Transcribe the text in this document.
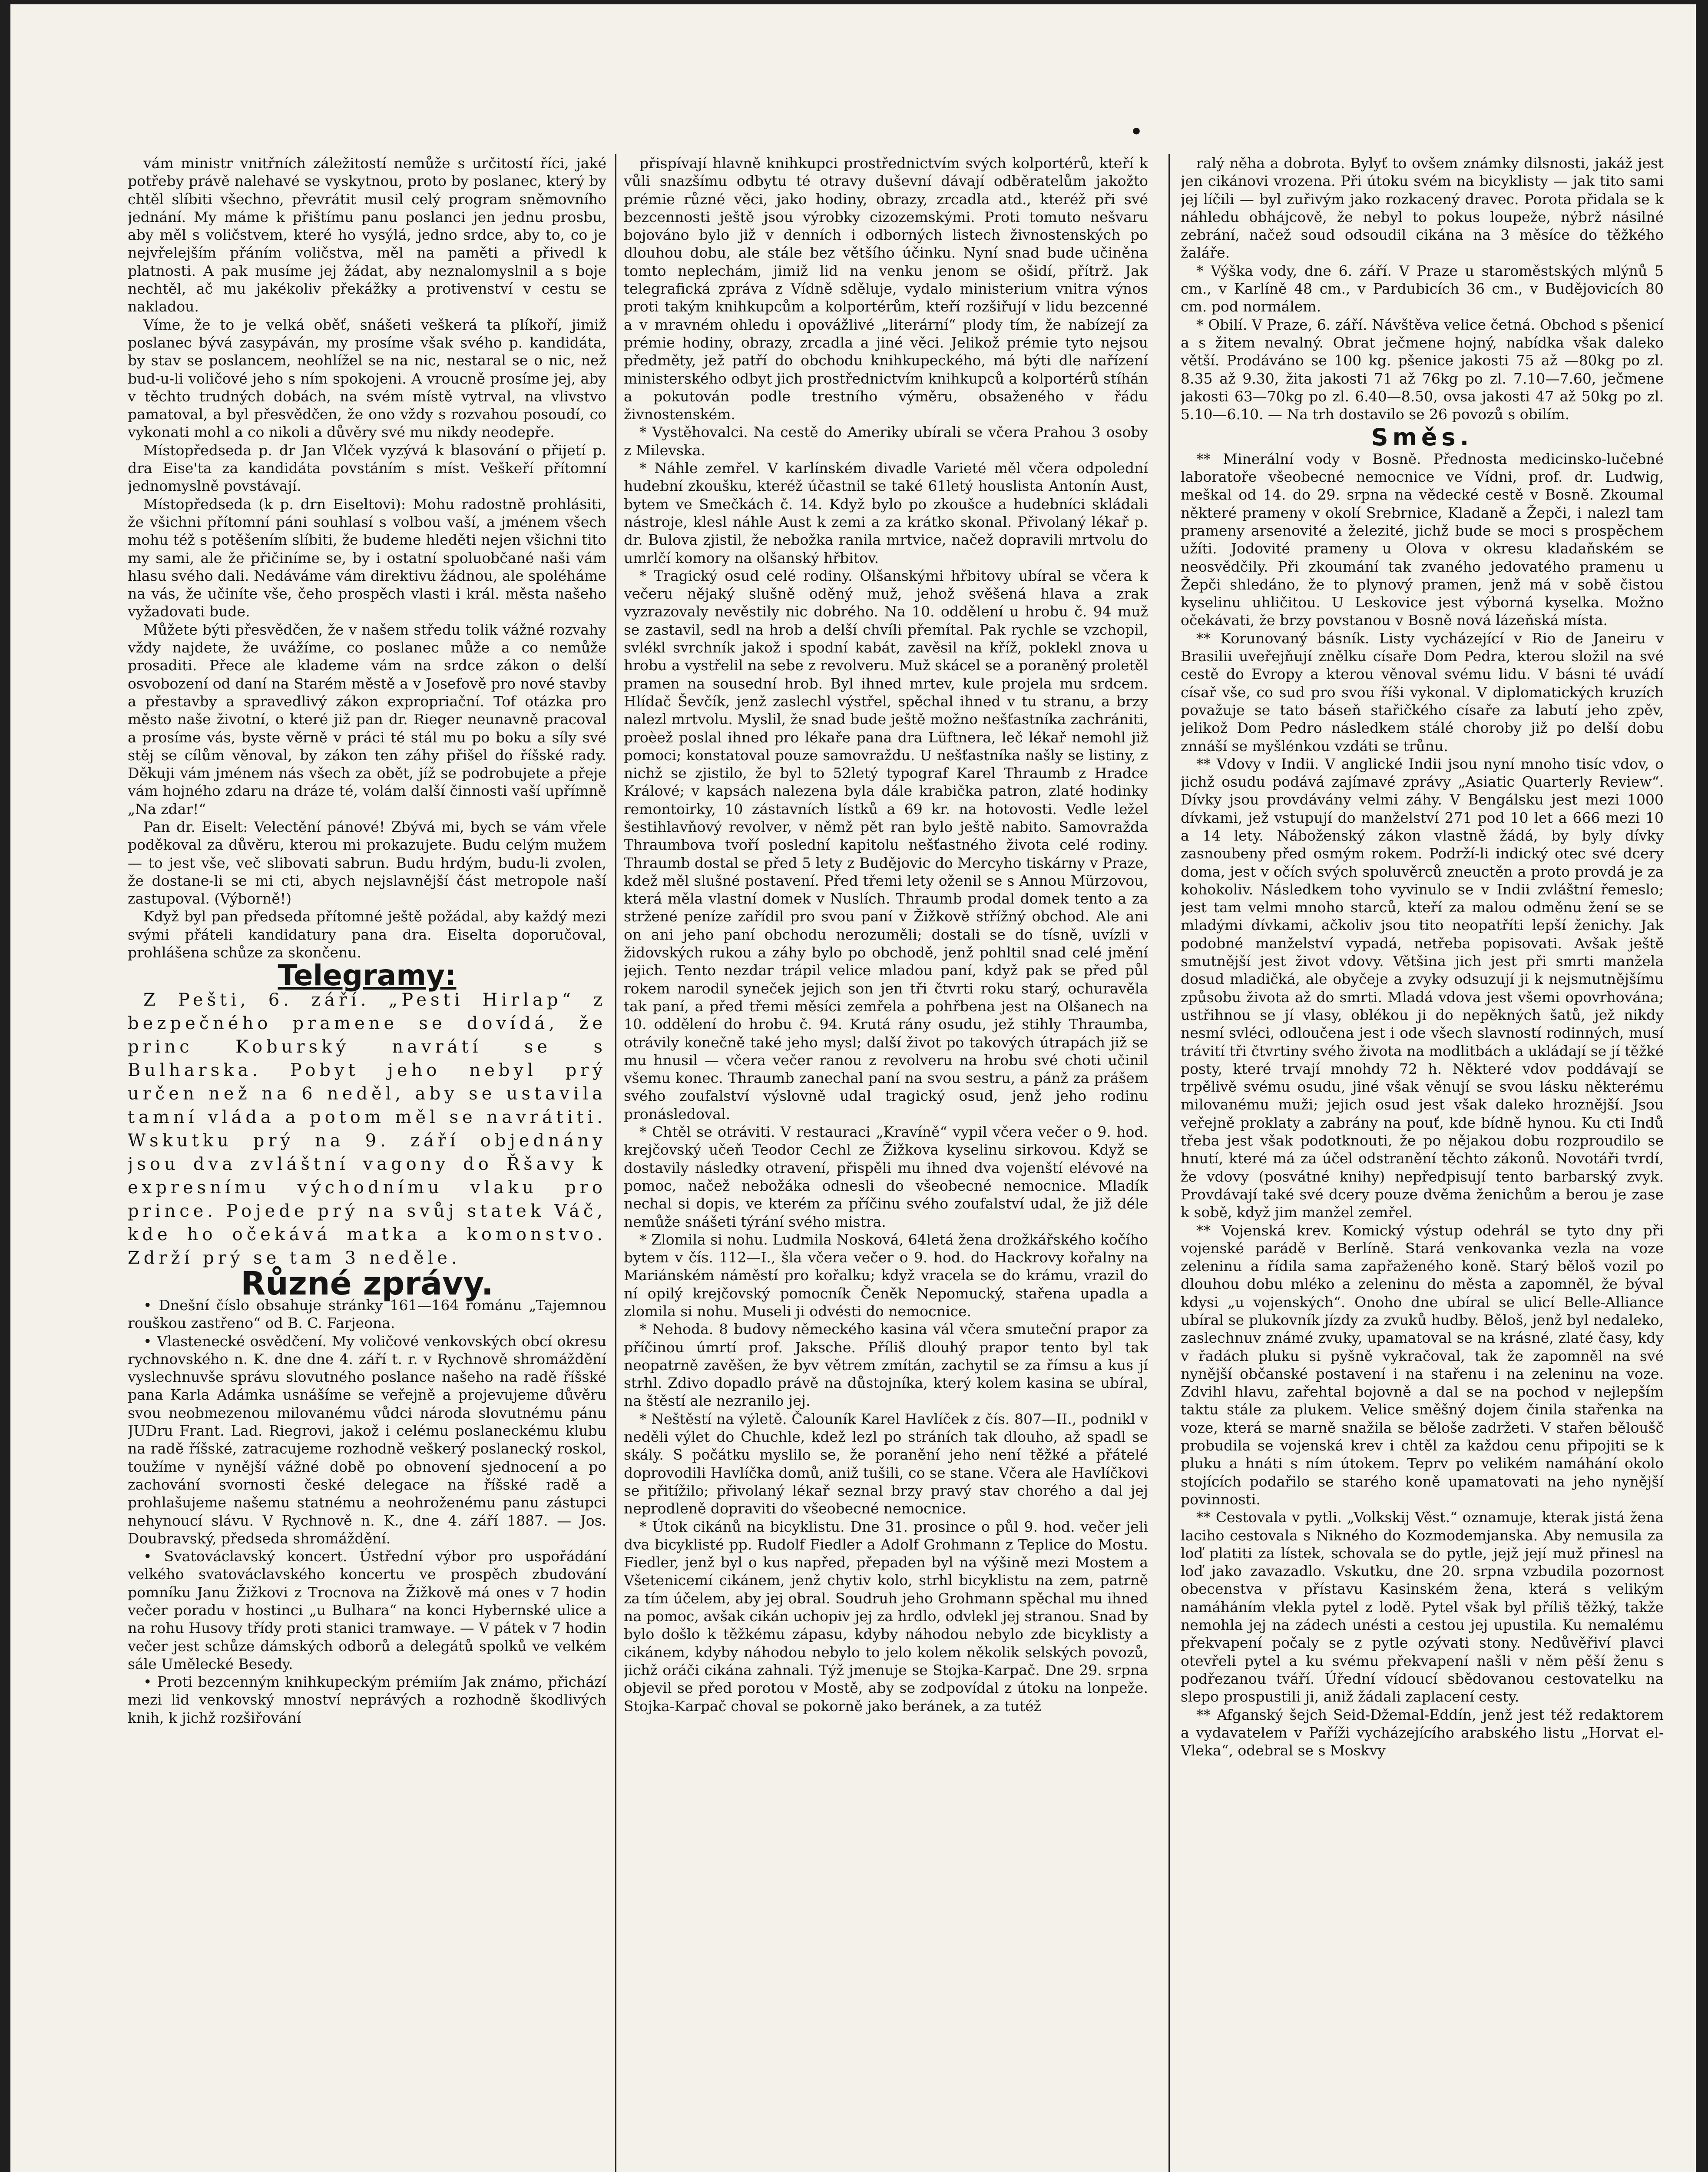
•

vám ministr vnitřních záležitostí nemůže s určitostí říci, jaké potřeby právě nalehavé se vyskytnou, proto by poslanec, který by chtěl slíbiti všechno, převrátit musil celý program sněmovního jednání. My máme k přištímu panu poslanci jen jednu prosbu, aby měl s voličstvem, které ho vysýlá, jedno srdce, aby to, co je nejvřelejším přáním voličstva, měl na paměti a přivedl k platnosti. A pak musíme jej žádat, aby neznalomyslnil a s boje nechtěl, ač mu jakékoliv překážky a protivenství v cestu se nakladou.

Víme, že to je velká oběť, snášeti veškerá ta plíkoří, jimiž poslanec bývá zasypáván, my prosíme však svého p. kandidáta, by stav se poslancem, neohlížel se na nic, nestaral se o nic, než bud-u-li voličové jeho s ním spokojeni. A vroucně prosíme jej, aby v těchto trudných dobách, na svém místě vytrval, na vlivstvo pamatoval, a byl přesvědčen, že ono vždy s rozvahou posoudí, co vykonati mohl a co nikoli a důvěry své mu nikdy neodepře.

Místopředseda p. dr Jan Vlček vyzývá k blasování o přijetí p. dra Eise'ta za kandidáta povstáním s míst. Veškeří přítomní jednomyslně povstávají.

Místopředseda (k p. drn Eiseltovi): Mohu radostně prohlásiti, že všichni přítomní páni souhlasí s volbou vaší, a jménem všech mohu též s potěšením slíbiti, že budeme hleděti nejen všichni tito my sami, ale že přičiníme se, by i ostatní spoluobčané naši vám hlasu svého dali. Nedáváme vám direktivu žádnou, ale spoléháme na vás, že učiníte vše, čeho prospěch vlasti i král. města našeho vyžadovati bude.

Můžete býti přesvědčen, že v našem středu tolik vážné rozvahy vždy najdete, že uvážíme, co poslanec může a co nemůže prosaditi. Přece ale klademe vám na srdce zákon o delší osvobození od daní na Starém městě a v Josefově pro nové stavby a přestavby a spravedlivý zákon expropriační. Tof otázka pro město naše životní, o které již pan dr. Rieger neunavně pracoval a prosíme vás, byste věrně v práci té stál mu po boku a síly své stěj se cílům věnoval, by zákon ten záhy přišel do říšské rady. Děkuji vám jménem nás všech za obět, jíž se podrobujete a přeje vám hojného zdaru na dráze té, volám další činnosti vaší upřímně „Na zdar!“

Pan dr. Eiselt: Velectění pánové! Zbývá mi, bych se vám vřele poděkoval za důvěru, kterou mi prokazujete. Budu celým mužem — to jest vše, več slibovati sabrun. Budu hrdým, budu-li zvolen, že dostane-li se mi cti, abych nejslavnější část metropole naší zastupoval. (Výborně!)

Když byl pan předseda přítomné ještě požádal, aby každý mezi svými přáteli kandidatury pana dra. Eiselta doporučoval, prohlášena schůze za skončenu.

Telegramy:

Z Pešti, 6. září. „Pesti Hirlap“ z bezpečného pramene se dovídá, že princ Koburský navrátí se s Bulharska. Pobyt jeho nebyl prý určen než na 6 neděl, aby se ustavila tamní vláda a potom měl se navrátiti. Wskutku prý na 9. září objednány jsou dva zvláštní vagony do Řšavy k expresnímu východnímu vlaku pro prince. Pojede prý na svůj statek Váč, kde ho očekává matka a komonstvo. Zdrží prý se tam 3 neděle.

Různé zprávy.

• Dnešní číslo obsahuje stránky 161—164 románu „Tajemnou rouškou zastřeno“ od B. C. Farjeona.

• Vlastenecké osvědčení. My voličové venkovských obcí okresu rychnovského n. K. dne dne 4. září t. r. v Rychnově shromáždění vyslechnuvše správu slovutného poslance našeho na radě říšské pana Karla Adámka usnášíme se veřejně a projevujeme důvěru svou neobmezenou milovanému vůdci národa slovutnému pánu JUDru Frant. Lad. Riegrovi, jakož i celému poslaneckému klubu na radě říšské, zatracujeme rozhodně veškerý poslanecký roskol, toužíme v nynější vážné době po obnovení sjednocení a po zachování svornosti české delegace na říšské radě a prohlašujeme našemu statnému a neohroženému panu zástupci nehynoucí slávu. V Rychnově n. K., dne 4. září 1887. — Jos. Doubravský, předseda shromáždění.

• Svatováclavský koncert. Ústřední výbor pro uspořádání velkého svatováclavského koncertu ve prospěch zbudování pomníku Janu Žižkovi z Trocnova na Žižkově má ones v 7 hodin večer poradu v hostinci „u Bulhara“ na konci Hybernské ulice a na rohu Husovy třídy proti stanici tramwaye. — V pátek v 7 hodin večer jest schůze dámských odborů a delegátů spolků ve velkém sále Umělecké Besedy.

• Proti bezcenným knihkupeckým prémiím Jak známo, přichází mezi lid venkovský mnoství neprávých a rozhodně škodlivých knih, k jichž rozšiřování

přispívají hlavně knihkupci prostřednictvím svých kolportérů, kteří k vůli snazšímu odbytu té otravy duševní dávají odběratelům jakožto prémie různé věci, jako hodiny, obrazy, zrcadla atd., kteréž při své bezcennosti ještě jsou výrobky cizozemskými. Proti tomuto nešvaru bojováno bylo již v denních i odborných listech živnostenských po dlouhou dobu, ale stále bez většího účinku. Nyní snad bude učiněna tomto neplechám, jimiž lid na venku jenom se ošidí, přítrž. Jak telegrafická zpráva z Vídně sděluje, vydalo ministerium vnitra výnos proti takým knihkupcům a kolportérům, kteří rozšiřují v lidu bezcenné a v mravném ohledu i opovážlivé „literární“ plody tím, že nabízejí za prémie hodiny, obrazy, zrcadla a jiné věci. Jelikož prémie tyto nejsou předměty, jež patří do obchodu knihkupeckého, má býti dle nařízení ministerského odbyt jich prostřednictvím knihkupců a kolportérů stíhán a pokutován podle trestního výměru, obsaženého v řádu živnostenském.

* Vystěhovalci. Na cestě do Ameriky ubírali se včera Prahou 3 osoby z Milevska.

* Náhle zemřel. V karlínském divadle Varieté měl včera odpolední hudební zkoušku, kteréž účastnil se také 61letý houslista Antonín Aust, bytem ve Smečkách č. 14. Když bylo po zkoušce a hudebníci skládali nástroje, klesl náhle Aust k zemi a za krátko skonal. Přivolaný lékař p. dr. Bulova zjistil, že nebožka ranila mrtvice, načež dopravili mrtvolu do umrlčí komory na olšanský hřbitov.

* Tragický osud celé rodiny. Olšanskými hřbitovy ubíral se včera k večeru nějaký slušně oděný muž, jehož svěšená hlava a zrak vyzrazovaly nevěstily nic dobrého. Na 10. oddělení u hrobu č. 94 muž se zastavil, sedl na hrob a delší chvíli přemítal. Pak rychle se vzchopil, svlékl svrchník jakož i spodní kabát, zavěsil na kříž, poklekl znova u hrobu a vystřelil na sebe z revolveru. Muž skácel se a poraněný proletěl pramen na sousední hrob. Byl ihned mrtev, kule projela mu srdcem. Hlídač Ševčík, jenž zaslechl výstřel, spěchal ihned v tu stranu, a brzy nalezl mrtvolu. Myslil, že snad bude ještě možno nešťastníka zachrániti, proèež poslal ihned pro lékaře pana dra Lüftnera, leč lékař nemohl již pomoci; konstatoval pouze samovraždu. U nešťastníka našly se listiny, z nichž se zjistilo, že byl to 52letý typograf Karel Thraumb z Hradce Králové; v kapsách nalezena byla dále krabička patron, zlaté hodinky remontoirky, 10 zástavních lístků a 69 kr. na hotovosti. Vedle ležel šestihlavňový revolver, v němž pět ran bylo ještě nabito. Samovražda Thraumbova tvoří poslední kapitolu nešťastného života celé rodiny. Thraumb dostal se před 5 lety z Budějovic do Mercyho tiskárny v Praze, kdež měl slušné postavení. Před třemi lety oženil se s Annou Mürzovou, která měla vlastní domek v Nuslích. Thraumb prodal domek tento a za stržené peníze zařídil pro svou paní v Žižkově střížný obchod. Ale ani on ani jeho paní obchodu nerozuměli; dostali se do tísně, uvízli v židovských rukou a záhy bylo po obchodě, jenž pohltil snad celé jmění jejich. Tento nezdar trápil velice mladou paní, když pak se před půl rokem narodil syneček jejich son jen tři čtvrti roku starý, ochuravěla tak paní, a před třemi měsíci zemřela a pohřbena jest na Olšanech na 10. oddělení do hrobu č. 94. Krutá rány osudu, jež stihly Thraumba, otrávily konečně také jeho mysl; další život po takových útrapách již se mu hnusil — včera večer ranou z revolveru na hrobu své choti učinil všemu konec. Thraumb zanechal paní na svou sestru, a pánž za prášem svého zoufalství výslovně udal tragický osud, jenž jeho rodinu pronásledoval.

* Chtěl se otráviti. V restauraci „Kravíně“ vypil včera večer o 9. hod. krejčovský učeň Teodor Cechl ze Žižkova kyselinu sirkovou. Když se dostavily následky otravení, přispěli mu ihned dva vojenští elévové na pomoc, načež nebožáka odnesli do všeobecné nemocnice. Mladík nechal si dopis, ve kterém za příčinu svého zoufalství udal, že již déle nemůže snášeti týrání svého mistra.

* Zlomila si nohu. Ludmila Nosková, 64letá žena drožkářského kočího bytem v čís. 112—I., šla včera večer o 9. hod. do Hackrovy kořalny na Mariánském náměstí pro kořalku; když vracela se do krámu, vrazil do ní opilý krejčovský pomocník Čeněk Nepomucký, stařena upadla a zlomila si nohu. Museli ji odvésti do nemocnice.

* Nehoda. 8 budovy německého kasina vál včera smuteční prapor za příčinou úmrtí prof. Jaksche. Příliš dlouhý prapor tento byl tak neopatrně zavěšen, že byv větrem zmítán, zachytil se za římsu a kus jí strhl. Zdivo dopadlo právě na důstojníka, který kolem kasina se ubíral, na štěstí ale nezranilo jej.

* Neštěstí na výletě. Čalouník Karel Havlíček z čís. 807—II., podnikl v neděli výlet do Chuchle, kdež lezl po stráních tak dlouho, až spadl se skály. S počátku myslilo se, že poranění jeho není těžké a přátelé doprovodili Havlíčka domů, aniž tušili, co se stane. Včera ale Havlíčkovi se přitížilo; přivolaný lékař seznal brzy pravý stav chorého a dal jej neprodleně dopraviti do všeobecné nemocnice.

* Útok cikánů na bicyklistu. Dne 31. prosince o půl 9. hod. večer jeli dva bicyklisté pp. Rudolf Fiedler a Adolf Grohmann z Teplice do Mostu. Fiedler, jenž byl o kus napřed, přepaden byl na výšině mezi Mostem a Všetenicemí cikánem, jenž chytiv kolo, strhl bicyklistu na zem, patrně za tím účelem, aby jej obral. Soudruh jeho Grohmann spěchal mu ihned na pomoc, avšak cikán uchopiv jej za hrdlo, odvlekl jej stranou. Snad by bylo došlo k těžkému zápasu, kdyby náhodou nebylo zde bicyklisty a cikánem, kdyby náhodou nebylo to jelo kolem několik selských povozů, jichž oráči cikána zahnali. Týž jmenuje se Stojka-Karpač. Dne 29. srpna objevil se před porotou v Mostě, aby se zodpovídal z útoku na lonpeže. Stojka-Karpač choval se pokorně jako beránek, a za tutéž

ralý něha a dobrota. Bylyť to ovšem známky dilsnosti, jakáž jest jen cikánovi vrozena. Při útoku svém na bicyklisty — jak tito sami jej líčili — byl zuřivým jako rozkacený dravec. Porota přidala se k náhledu obhájcově, že nebyl to pokus loupeže, nýbrž násilné zebrání, načež soud odsoudil cikána na 3 měsíce do těžkého žaláře.

* Výška vody, dne 6. září. V Praze u staroměstských mlýnů 5 cm., v Karlíně 48 cm., v Pardubicích 36 cm., v Budějovicích 80 cm. pod normálem.

* Obilí. V Praze, 6. září. Návštěva velice četná. Obchod s pšenicí a s žitem nevalný. Obrat ječmene hojný, nabídka však daleko větší. Prodáváno se 100 kg. pšenice jakosti 75 až —80kg po zl. 8.35 až 9.30, žita jakosti 71 až 76kg po zl. 7.10—7.60, ječmene jakosti 63—70kg po zl. 6.40—8.50, ovsa jakosti 47 až 50kg po zl. 5.10—6.10. — Na trh dostavilo se 26 povozů s obilím.

Směs.

** Minerální vody v Bosně. Přednosta medicinsko-lučebné laboratoře všeobecné nemocnice ve Vídni, prof. dr. Ludwig, meškal od 14. do 29. srpna na vědecké cestě v Bosně. Zkoumal některé prameny v okolí Srebrnice, Kladaně a Žepči, i nalezl tam prameny arsenovité a železité, jichž bude se moci s prospěchem užíti. Jodovité prameny u Olova v okresu kladaňském se neosvědčily. Při zkoumání tak zvaného jedovatého pramenu u Žepči shledáno, že to plynový pramen, jenž má v sobě čistou kyselinu uhličitou. U Leskovice jest výborná kyselka. Možno očekávati, že brzy povstanou v Bosně nová lázeňská místa.

** Korunovaný básník. Listy vycházející v Rio de Janeiru v Brasilii uveřejňují znělku císaře Dom Pedra, kterou složil na své cestě do Evropy a kterou věnoval svému lidu. V básni té uvádí císař vše, co sud pro svou říši vykonal. V diplomatických kruzích považuje se tato báseň stařičkého císaře za labutí jeho zpěv, jelikož Dom Pedro následkem stálé choroby již po delší dobu znnáší se myšlénkou vzdáti se trůnu.

** Vdovy v Indii. V anglické Indii jsou nyní mnoho tisíc vdov, o jichž osudu podává zajímavé zprávy „Asiatic Quarterly Review“. Dívky jsou provdávány velmi záhy. V Bengálsku jest mezi 1000 dívkami, jež vstupují do manželství 271 pod 10 let a 666 mezi 10 a 14 lety. Náboženský zákon vlastně žádá, by byly dívky zasnoubeny před osmým rokem. Podrží-li indický otec své dcery doma, jest v očích svých spoluvěrců zneuctěn a proto provdá je za kohokoliv. Následkem toho vyvinulo se v Indii zvláštní řemeslo; jest tam velmi mnoho starců, kteří za malou odměnu žení se se mladými dívkami, ačkoliv jsou tito neopatříti lepší ženichy. Jak podobné manželství vypadá, netřeba popisovati. Avšak ještě smutnější jest život vdovy. Většina jich jest při smrti manžela dosud mladičká, ale obyčeje a zvyky odsuzují ji k nejsmutnějšímu způsobu života až do smrti. Mladá vdova jest všemi opovrhována; ustřihnou se jí vlasy, oblékou ji do nepěkných šatů, jež nikdy nesmí svléci, odloučena jest i ode všech slavností rodinných, musí trávití tři čtvrtiny svého života na modlitbách a ukládají se jí těžké posty, které trvají mnohdy 72 h. Některé vdov poddávají se trpělivě svému osudu, jiné však věnují se svou lásku některému milovanému muži; jejich osud jest však daleko hroznější. Jsou veřejně proklaty a zabrány na pouť, kde bídně hynou. Ku cti Indů třeba jest však podotknouti, že po nějakou dobu rozproudilo se hnutí, které má za účel odstranění těchto zákonů. Novotáři tvrdí, že vdovy (posvátné knihy) nepředpisují tento barbarský zvyk. Provdávají také své dcery pouze dvěma ženichům a berou je zase k sobě, když jim manžel zemřel.

** Vojenská krev. Komický výstup odehrál se tyto dny při vojenské parádě v Berlíně. Stará venkovanka vezla na voze zeleninu a řídila sama zapřaženého koně. Starý běloš vozil po dlouhou dobu mléko a zeleninu do města a zapomněl, že býval kdysi „u vojenských“. Onoho dne ubíral se ulicí Belle-Alliance ubíral se plukovník jízdy za zvuků hudby. Běloš, jenž byl nedaleko, zaslechnuv známé zvuky, upamatoval se na krásné, zlaté časy, kdy v řadách pluku si pyšně vykračoval, tak že zapomněl na své nynější občanské postavení i na stařenu i na zeleninu na voze. Zdvihl hlavu, zařehtal bojovně a dal se na pochod v nejlepším taktu stále za plukem. Velice směšný dojem činila stařenka na voze, která se marně snažila se běloše zadržeti. V stařen běloušč probudila se vojenská krev i chtěl za každou cenu připojiti se k pluku a hnáti s ním útokem. Teprv po velikém namáhání okolo stojících podařilo se starého koně upamatovati na jeho nynější povinnosti.

** Cestovala v pytli. „Volkskij Věst.“ oznamuje, kterak jistá žena laciho cestovala s Nikného do Kozmodemjanska. Aby nemusila za loď platiti za lístek, schovala se do pytle, jejž její muž přinesl na loď jako zavazadlo. Vskutku, dne 20. srpna vzbudila pozornost obecenstva v přístavu Kasinském žena, která s velikým namáháním vlekla pytel z lodě. Pytel však byl příliš těžký, takže nemohla jej na zádech unésti a cestou jej upustila. Ku nemalému překvapení počaly se z pytle ozývati stony. Nedůvěřiví plavci otevřeli pytel a ku svému překvapení našli v něm pěší ženu s podřezanou tváří. Úřední vídoucí sbědovanou cestovatelku na slepo prospustili ji, aniž žádali zaplacení cesty.

** Afganský šejch Seid-Džemal-Eddín, jenž jest též redaktorem a vydavatelem v Paříži vycházejícího arabského listu „Horvat el-Vleka“, odebral se s Moskvy
